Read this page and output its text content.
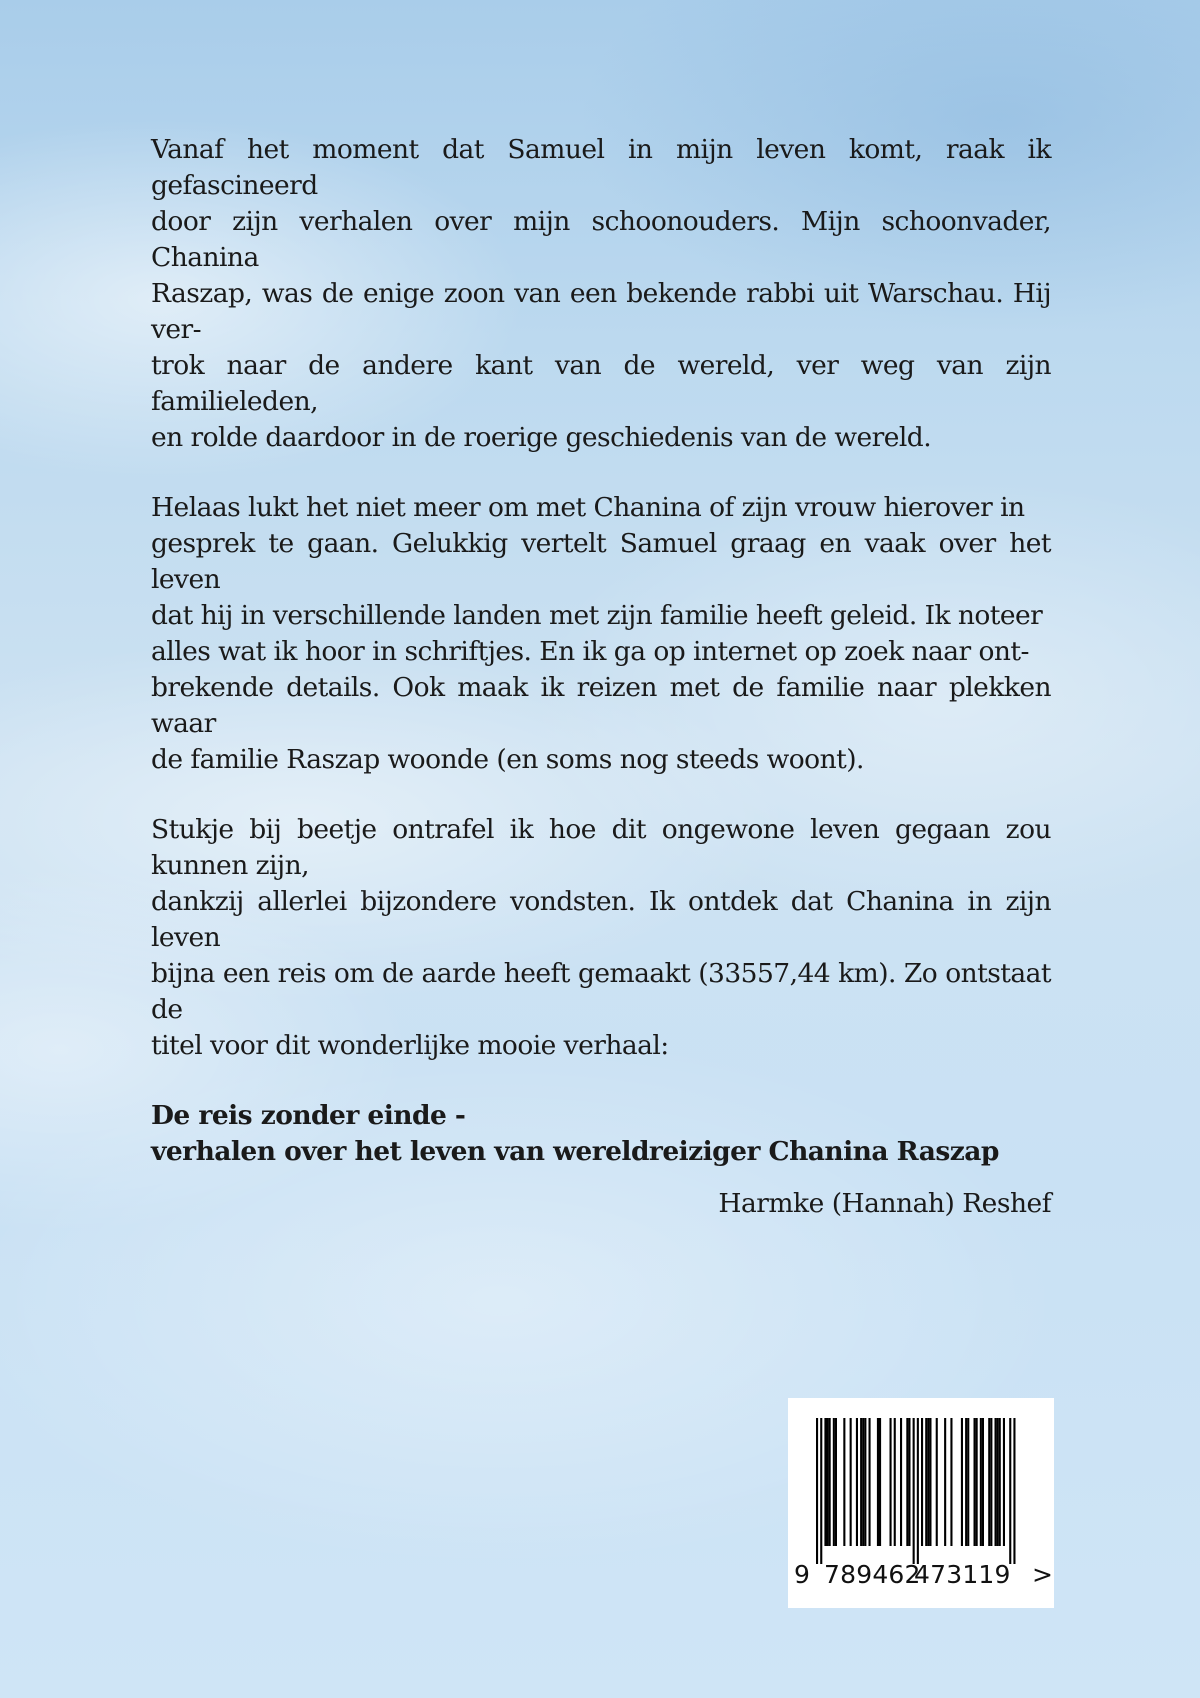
Vanaf het moment dat Samuel in mijn leven komt, raak ik gefascineerd
door zijn verhalen over mijn schoonouders. Mijn schoonvader, Chanina
Raszap, was de enige zoon van een bekende rabbi uit Warschau. Hij ver-
trok naar de andere kant van de wereld, ver weg van zijn familieleden,
en rolde daardoor in de roerige geschiedenis van de wereld.

Helaas lukt het niet meer om met Chanina of zijn vrouw hierover in
gesprek te gaan. Gelukkig vertelt Samuel graag en vaak over het leven
dat hij in verschillende landen met zijn familie heeft geleid. Ik noteer
alles wat ik hoor in schriftjes. En ik ga op internet op zoek naar ont-
brekende details. Ook maak ik reizen met de familie naar plekken waar
de familie Raszap woonde (en soms nog steeds woont).

Stukje bij beetje ontrafel ik hoe dit ongewone leven gegaan zou kunnen zijn,
dankzij allerlei bijzondere vondsten. Ik ontdek dat Chanina in zijn leven
bijna een reis om de aarde heeft gemaakt (33557,44 km). Zo ontstaat de
titel voor dit wonderlijke mooie verhaal:

De reis zonder einde -
verhalen over het leven van wereldreiziger Chanina Raszap
Harmke (Hannah) Reshef
9 789462
473119 >
